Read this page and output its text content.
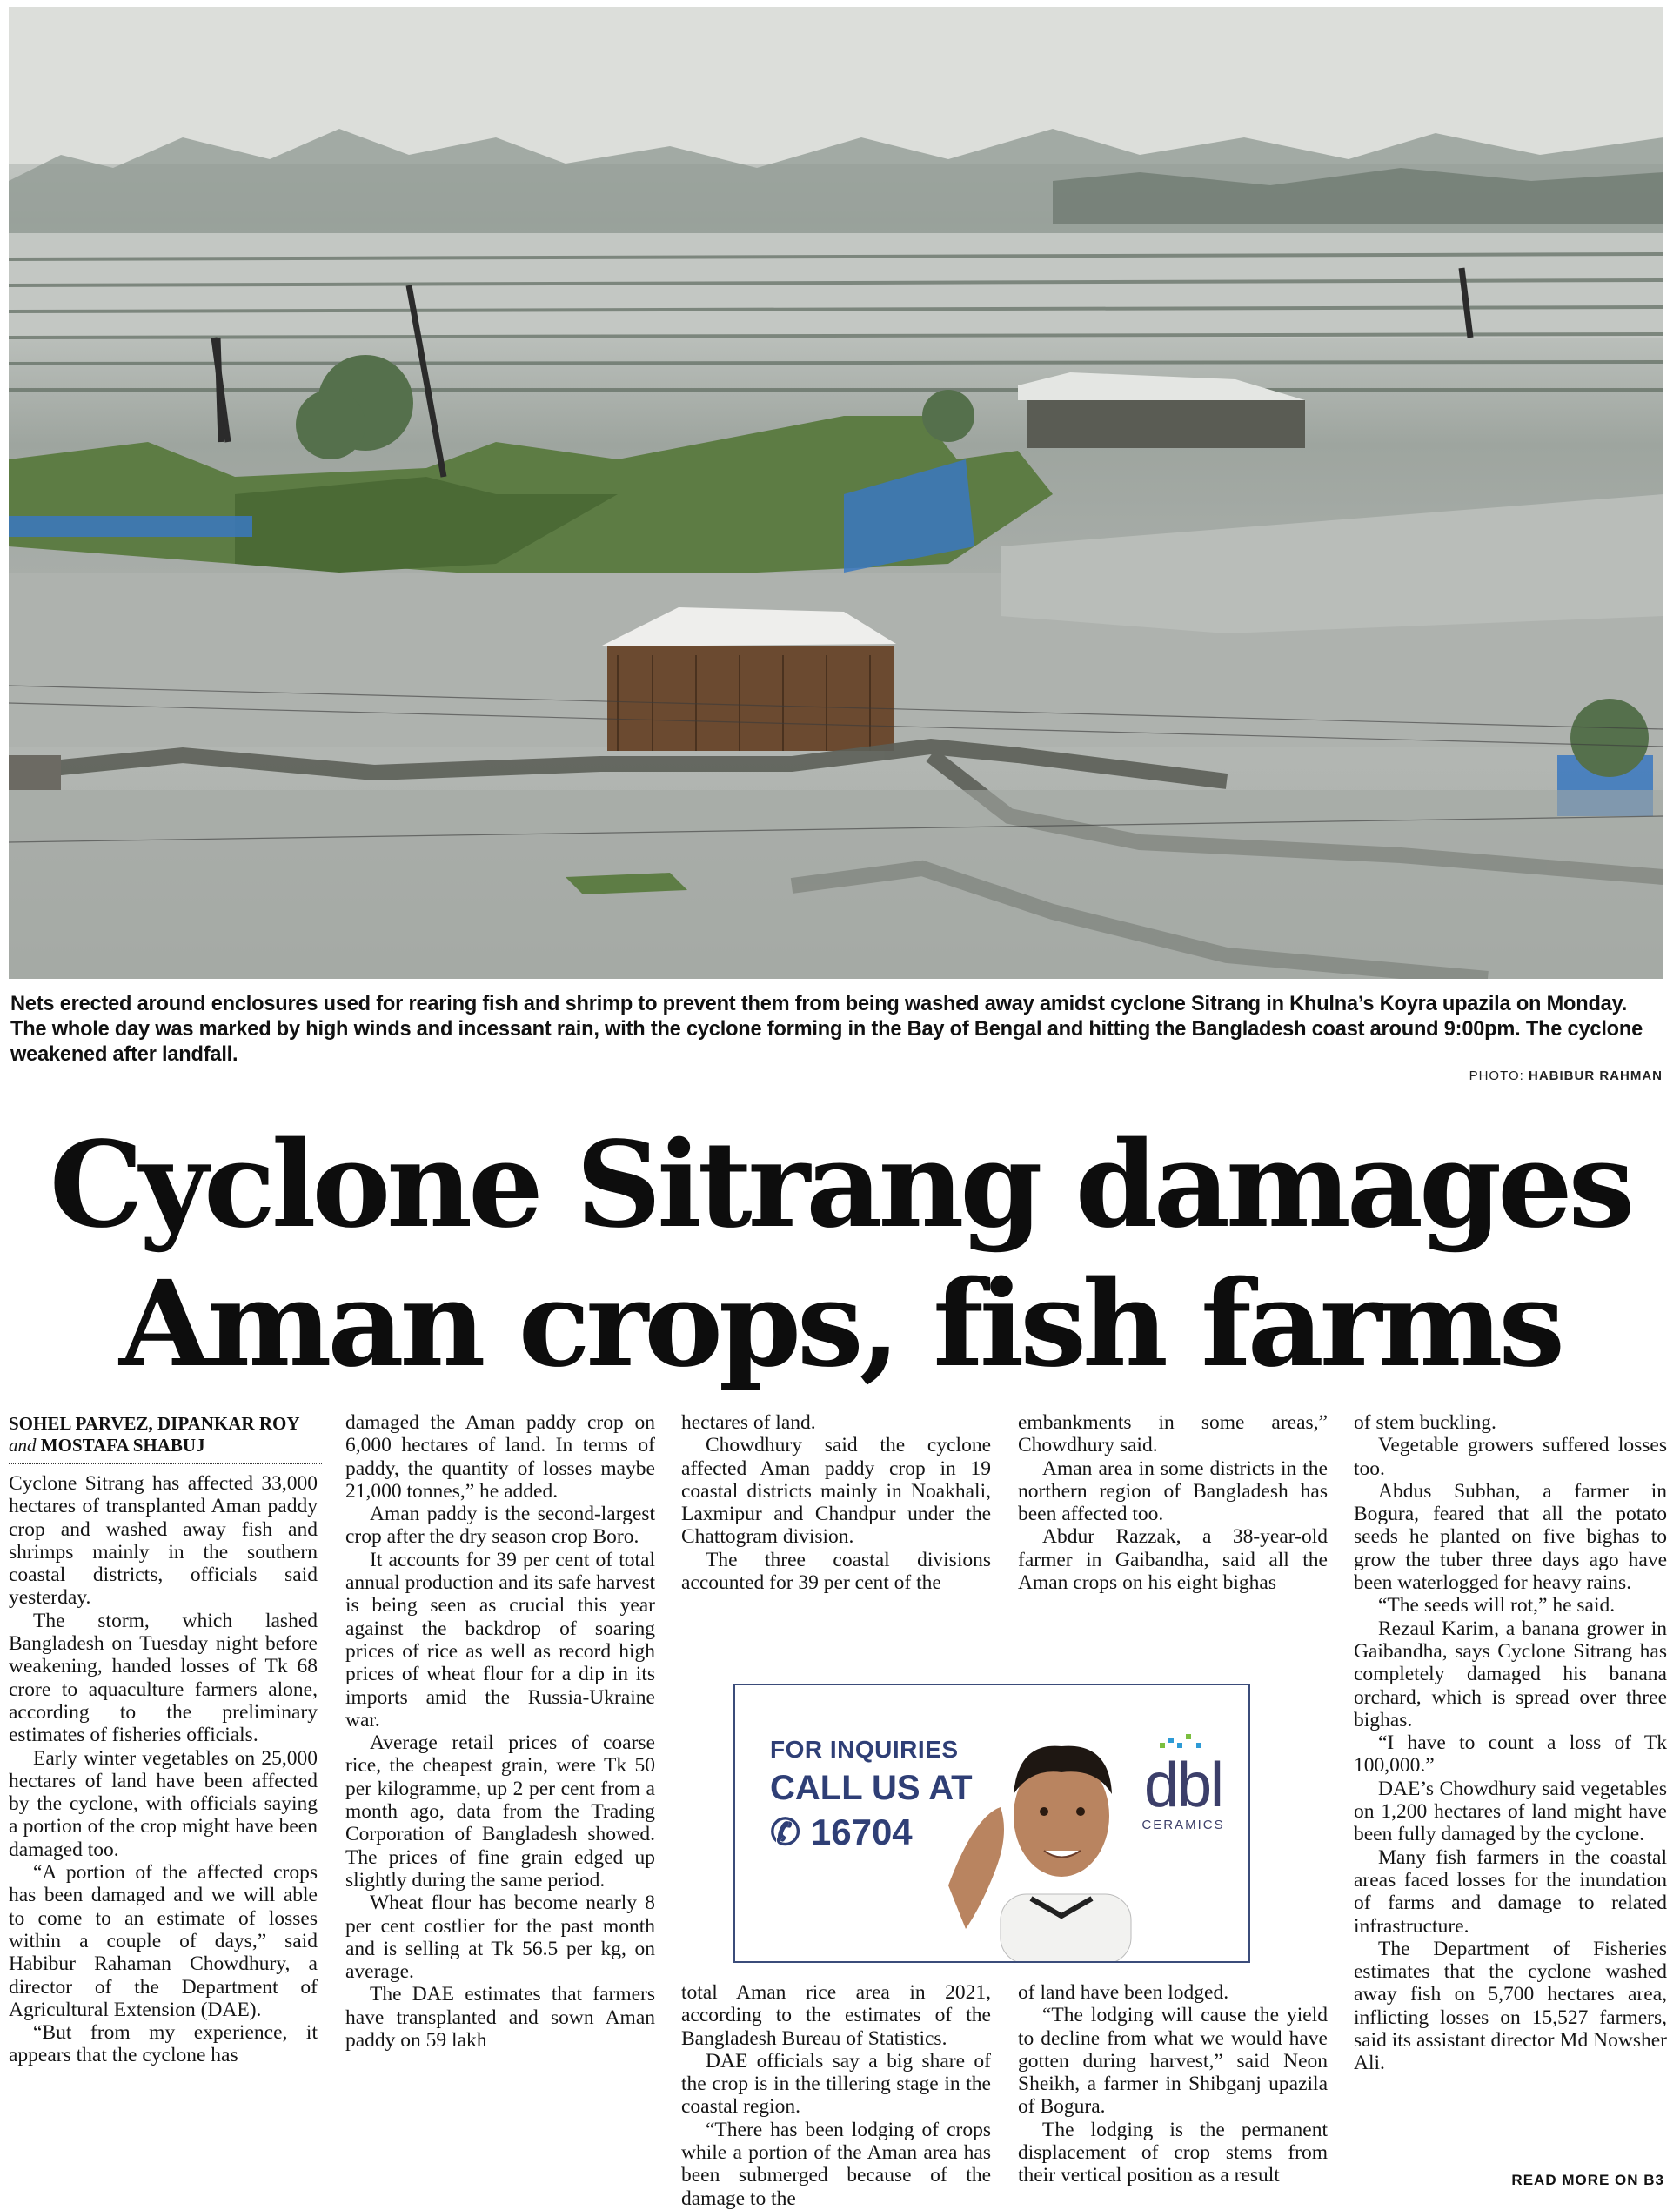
Nets erected around enclosures used for rearing fish and shrimp to prevent them from being washed away amidst cyclone Sitrang in Khulna’s Koyra upazila on Monday. The whole day was marked by high winds and incessant rain, with the cyclone forming in the Bay of Bengal and hitting the Bangladesh coast around 9:00pm. The cyclone weakened after landfall.
PHOTO: HABIBUR RAHMAN
Cyclone Sitrang damages
Aman crops, fish farms
SOHEL PARVEZ, DIPANKAR ROY
and MOSTAFA SHABUJ

Cyclone Sitrang has affected 33,000 hectares of transplanted Aman paddy crop and washed away fish and shrimps mainly in the southern coastal districts, officials said yesterday.

The storm, which lashed Bangladesh on Tuesday night before weakening, handed losses of Tk 68 crore to aquaculture farmers alone, according to the preliminary estimates of fisheries officials.

Early winter vegetables on 25,000 hectares of land have been affected by the cyclone, with officials saying a portion of the crop might have been damaged too.

“A portion of the affected crops has been damaged and we will able to come to an estimate of losses within a couple of days,” said Habibur Rahaman Chowdhury, a director of the Department of Agricultural Extension (DAE).

“But from my experience, it appears that the cyclone has

damaged the Aman paddy crop on 6,000 hectares of land. In terms of paddy, the quantity of losses maybe 21,000 tonnes,” he added.

Aman paddy is the second-largest crop after the dry season crop Boro.

It accounts for 39 per cent of total annual production and its safe harvest is being seen as crucial this year against the backdrop of soaring prices of rice as well as record high prices of wheat flour for a dip in its imports amid the Russia-Ukraine war.

Average retail prices of coarse rice, the cheapest grain, were Tk 50 per kilogramme, up 2 per cent from a month ago, data from the Trading Corporation of Bangladesh showed. The prices of fine grain edged up slightly during the same period.

Wheat flour has become nearly 8 per cent costlier for the past month and is selling at Tk 56.5 per kg, on average.

The DAE estimates that farmers have transplanted and sown Aman paddy on 59 lakh

hectares of land.

Chowdhury said the cyclone affected Aman paddy crop in 19 coastal districts mainly in Noakhali, Laxmipur and Chandpur under the Chattogram division.

The three coastal divisions accounted for 39 per cent of the

embankments in some areas,” Chowdhury said.

Aman area in some districts in the northern region of Bangladesh has been affected too.

Abdur Razzak, a 38-year-old farmer in Gaibandha, said all the Aman crops on his eight bighas

total Aman rice area in 2021, according to the estimates of the Bangladesh Bureau of Statistics.

DAE officials say a big share of the crop is in the tillering stage in the coastal region.

“There has been lodging of crops while a portion of the Aman area has been submerged because of the damage to the

of land have been lodged.

“The lodging will cause the yield to decline from what we would have gotten during harvest,” said Neon Sheikh, a farmer in Shibganj upazila of Bogura.

The lodging is the permanent displacement of crop stems from their vertical position as a result

of stem buckling.

Vegetable growers suffered losses too.

Abdus Subhan, a farmer in Bogura, feared that all the potato seeds he planted on five bighas to grow the tuber three days ago have been waterlogged for heavy rains.

“The seeds will rot,” he said.

Rezaul Karim, a banana grower in Gaibandha, says Cyclone Sitrang has completely damaged his banana orchard, which is spread over three bighas.

“I have to count a loss of Tk 100,000.”

DAE’s Chowdhury said vegetables on 1,200 hectares of land might have been fully damaged by the cyclone.

Many fish farmers in the coastal areas faced losses for the inundation of farms and damage to related infrastructure.

The Department of Fisheries estimates that the cyclone washed away fish on 5,700 hectares area, inflicting losses on 15,527 farmers, said its assistant director Md Nowsher Ali.

FOR INQUIRIES
CALL US AT
✆ 16704
dbl
CERAMICS
READ MORE ON B3
